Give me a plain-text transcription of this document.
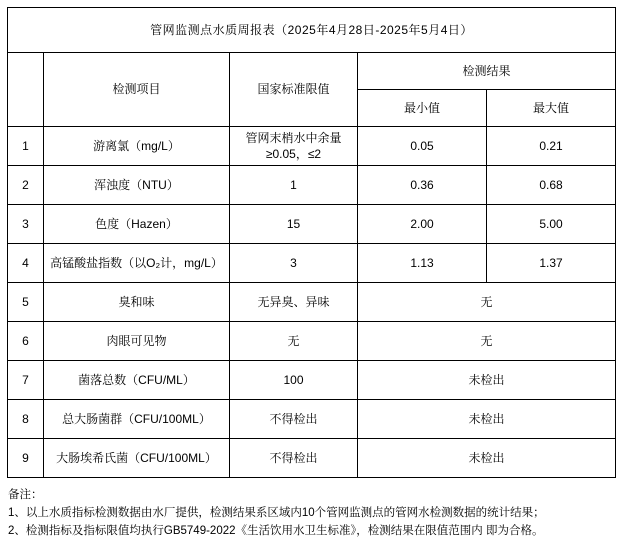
管网监测点水质周报表（2025年4月28日-2025年5月4日）				
	检测项目	国家标准限值	检测结果	
			最小值	最大值
1	游离氯（mg/L）	管网末梢水中余量≥0.05，≤2	0.05	0.21
2	浑浊度（NTU）	1	0.36	0.68
3	色度（Hazen）	15	2.00	5.00
4	高锰酸盐指数（以O₂计，mg/L）	3	1.13	1.37
5	臭和味	无异臭、异味	无	
6	肉眼可见物	无	无	
7	菌落总数（CFU/ML）	100	未检出	
8	总大肠菌群（CFU/100ML）	不得检出	未检出	
9	大肠埃希氏菌（CFU/100ML）	不得检出	未检出	
备注：
1、以上水质指标检测数据由水厂提供，检测结果系区域内10个管网监测点的管网水检测数据的统计结果；
2、检测指标及指标限值均执行GB5749-2022《生活饮用水卫生标准》，检测结果在限值范围内 即为合格。
